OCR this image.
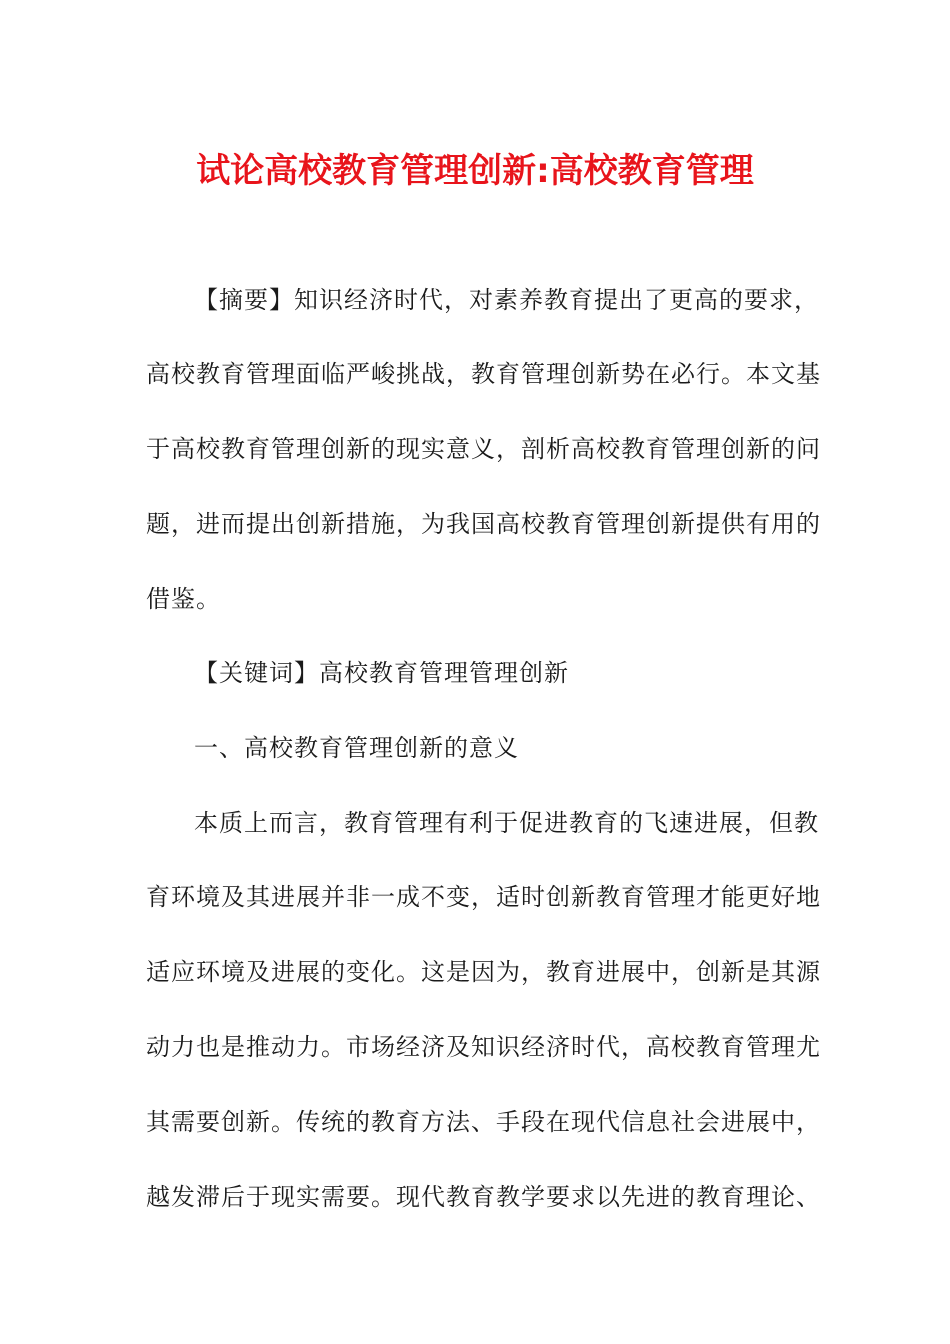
试论高校教育管理创新:高校教育管理
【摘要】知识经济时代，对素养教育提出了更高的要求，
高校教育管理面临严峻挑战，教育管理创新势在必行。本文基
于高校教育管理创新的现实意义，剖析高校教育管理创新的问
题，进而提出创新措施，为我国高校教育管理创新提供有用的
借鉴。
【关键词】高校教育管理管理创新
一、高校教育管理创新的意义
本质上而言，教育管理有利于促进教育的飞速进展，但教
育环境及其进展并非一成不变，适时创新教育管理才能更好地
适应环境及进展的变化。这是因为，教育进展中，创新是其源
动力也是推动力。市场经济及知识经济时代，高校教育管理尤
其需要创新。传统的教育方法、手段在现代信息社会进展中，
越发滞后于现实需要。现代教育教学要求以先进的教育理论、
